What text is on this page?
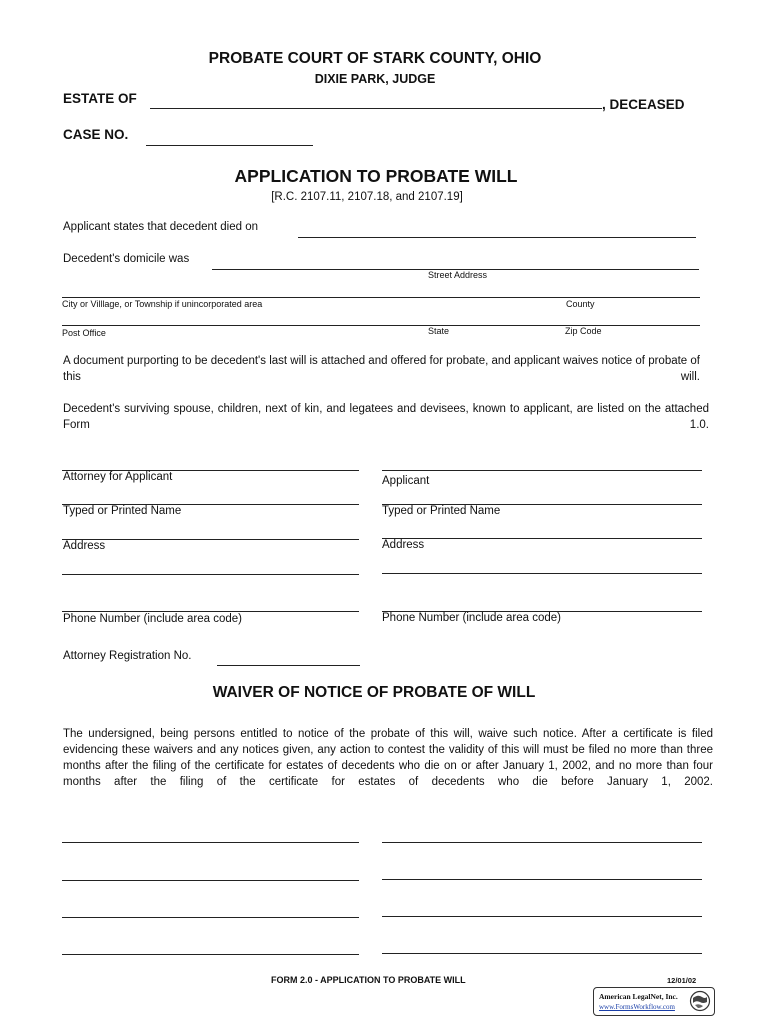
PROBATE COURT OF STARK COUNTY, OHIO
DIXIE PARK, JUDGE
ESTATE OF	, DECEASED
CASE NO.
APPLICATION TO PROBATE WILL
[R.C. 2107.11, 2107.18, and 2107.19]
Applicant states that decedent died on
Decedent's domicile was
Street Address
City or Villlage, or Township if unincorporated area	County
Post Office	State	Zip Code
A document purporting to be decedent's last will is attached and offered for probate, and applicant waives notice of probate of this will.
Decedent's surviving spouse, children, next of kin, and legatees and devisees, known to applicant, are listed on the attached Form 1.0.
Attorney for Applicant	Applicant
Typed or Printed Name	Typed or Printed Name
Address	Address
Phone Number (include area code)	Phone Number (include area code)
Attorney Registration No.
WAIVER OF NOTICE OF PROBATE OF WILL
The undersigned, being persons entitled to notice of the probate of this will, waive such notice. After a certificate is filed evidencing these waivers and any notices given, any action to contest the validity of this will must be filed no more than three months after the filing of the certificate for estates of decedents who die on or after January 1, 2002, and no more than four months after the filing of the certificate for estates of decedents who die before January 1, 2002.
FORM 2.0 - APPLICATION TO PROBATE WILL	12/01/02
American LegalNet, Inc.
www.FormsWorkflow.com
